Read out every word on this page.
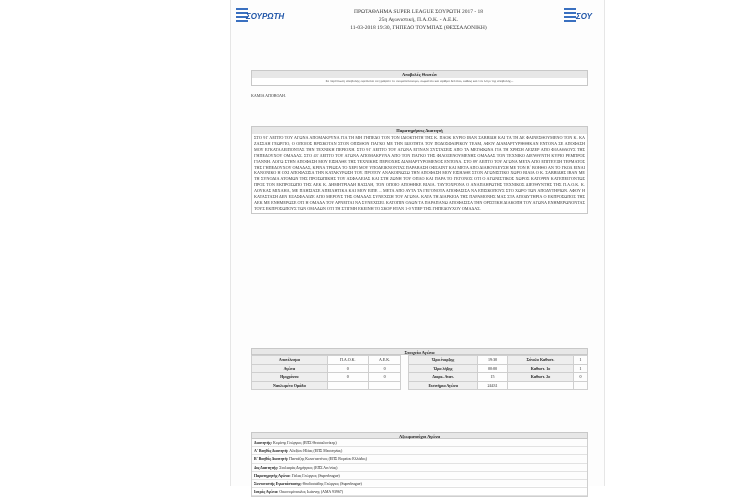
ΣΟΥΡΩΤΗ	ΠΡΩΤΑΘΛΗΜΑ SUPER LEAGUE ΣΟΥΡΩΤΗ 2017 - 18
25η Αγωνιστική, Π.Α.Ο.Κ. - Α.Ε.Κ.
11-03-2018 19:30, ΓΗΠΕΔΟ ΤΟΥΜΠΑΣ (ΘΕΣΣΑΛΟΝΙΚΗ)
ΣΟΥ
Αποβολές Θεατών
Σε περίπτωση αποβολής οφείλεται να γράψετε το ονοματεπώνυμο, σωματείο και αριθμό δελτίου, καθώς και τον λόγο της αποβολής...
ΚΑΜΙΑ ΑΠΟΒΟΛΗ.
Παρατηρήσεις Διαιτητή
ΣΤΟ 91' ΛΕΠΤΟ ΤΟΥ ΑΓΩΝΑ ΑΠΟΜΑΚΡΥΝΑ ΓΙΑ ΤΗ ΜΗ ΓΗΠΕΔΟ ΤΟΝ ΤΟΝ ΙΔΙΟΚΤΗΤΗ ΤΗΣ Κ. ΠΑΟΚ ΚΥΡΙΟ ΙΒΑΝ ΣΑΒΒΙΔΗ ΚΑΙ ΤΑ ΤΗ ΔΕ ΦΑΙΝΕΣΘΟΥΜΕΝΟ ΤΟΝ Κ. ΚΑ ΖΑΣΣΑΗ ΓΕΩΡΓΙΟ, Ο ΟΠΟΙΟΣ ΒΡΙΣΚΟΤΑΝ ΣΤΟΝ ΟΠΙΣΘΟΝ ΠΑΓΚΟ ΜΕ ΤΗΝ ΙΔΙΟΤΗΤΑ ΤΟΥ ΠΟΔΟΣΦΑΙΡΙΚΟΥ ΤΕΑΜ, ΑΦΟΥ ΔΙΑΜΑΡΤΥΡΗΘΗΚΑΝ ΕΝΤΟΝΑ ΣΕ ΑΠΟΦΑΣΗ ΜΟΥ ΕΓΚΑΤΑΛΕΙΠΟΝΤΑΣ ΤΗΝ ΤΕΧΝΙΚΗ ΠΕΡΙΟΧΗ. ΣΤΟ 91' ΛΕΠΤΟ ΤΟΥ ΑΓΩΝΑ ΕΓΙΝΑΝ ΣΥΣΤΑΣΕΙΣ ΑΠΟ ΤΑ ΜΕΓΑΦΩΝΑ ΓΙΑ ΤΗ ΧΡΗΣΗ ΛΕΙΖΕΡ ΑΠΟ ΦΙΛΑΘΛΟΥΣ ΤΗΣ ΓΗΠΕΔΟΥΧΟΥ ΟΜΑΔΑΣ. ΣΤΟ 43' ΛΕΠΤΟ ΤΟΥ ΑΓΩΝΑ ΑΠΟΜΑΚΡΥΝΑ ΑΠΟ ΤΟΝ ΠΑΓΚΟ ΤΗΣ ΦΙΛΟΞΕΝΟΥΜΕΝΗΣ ΟΜΑΔΑΣ ΤΟΝ ΤΕΧΝΙΚΟ ΔΙΕΥΘΥΝΤΗ ΚΥΡΙΟ ΡΕΜΠΡΟΣ ΓΙΑΝΝΗ. ΛΟΓΩ ΣΤΗΝ ΑΠΟΦΑΣΗ ΜΟΥ ΕΙΣΗΛΘΕ ΤΗΣ ΤΕΧΝΙΚΗΣ ΠΕΡΙΟΧΗΣ ΔΙΑΜΑΡΤΥΡΟΜΕΝΟΣ ΕΝΤΟΝΑ. ΣΤΟ 89' ΛΕΠΤΟ ΤΟΥ ΑΓΩΝΑ ΜΕΤΑ ΑΠΟ ΕΠΙΤΕΥΞΗ ΤΕΡΜΑΤΟΣ ΤΗΣ ΓΗΠΕΔΟΥΧΟΥ ΟΜΑΔΑΣ, ΚΡΙΝΑ ΤΡΙΩΣΑ ΤΟ ΧΕΡΙ ΜΟΥ ΥΠΟΔΕΙΚΝΟΝΤΑΣ ΠΑΡΑΒΑΣΗ ΟΦΣΑΙΝΤ ΚΑΙ ΜΕΤΑ ΑΠΟ ΔΙΑΒΟΥΛΕΥΣΗ ΜΕ ΤΟΝ Β΄ ΒΟΗΘΟ ΑΝ ΤΟ ΓΚΟΛ ΕΙΝΑΙ ΚΑΝΟΝΙΚΟ Η ΟΧΙ ΑΠΟΦΑΣΙΣΑ ΤΗΝ ΚΑΤΑΚΥΡΩΣΗ ΤΟΥ. ΠΡΟΤΟΥ ΑΝΑΚΟΙΝΩΣΩ ΤΗΝ ΑΠΟΦΑΣΗ ΜΟΥ ΕΙΣΗΛΘΕ ΣΤΟΝ ΑΓΩΝΙΣΤΙΚΟ ΧΩΡΟ ΒΙΑΙΑ Ο Κ. ΣΑΒΒΙΔΗΣ ΙΒΑΝ ΜΕ ΤΗ ΣΥΝΟΔΙΑ ΑΤΟΜΩΝ ΤΗΣ ΠΡΟΣΩΠΙΚΗΣ ΤΟΥ ΑΣΦΑΛΕΙΑΣ ΚΑΙ ΣΤΗ ΖΩΝΗ ΤΟΥ ΟΠΛΟ ΚΑΙ ΠΑΡΑ ΤΟ ΓΕΓΟΝΟΣ ΟΤΙ Ο ΑΓΩΝΙΣΤΙΚΟΣ ΧΩΡΟΣ ΚΑΤΟΨΙΝ ΚΑΤΕΠΕΙΓΟΝΤΩΣ ΠΡΟΣ ΤΟΝ ΕΚΠΡΟΣΩΠΟ ΤΗΣ ΑΕΚ Κ. ΔΗΜΗΤΡΙΑΔΗ ΒΑΣΙΛΗ, ΤΟΝ ΟΠΟΙΟ ΑΠΟΘΗΚΕ ΒΙΑΙΑ. ΤΑΥΤΟΧΡΟΝΑ Ο ΑΝΑΠΛΗΡΩΤΗΣ ΤΕΧΝΙΚΟΣ ΔΙΕΥΘΥΝΤΗΣ ΤΗΣ Π.Α.Ο.Κ. Κ. ΛΟΥΚΑΣ ΜΙΧΑΗΛ, ΜΕ ΠΛΗΣΙΑΣΕ ΑΠΕΙΛΗΤΙΚΑ ΚΑΙ ΜΟΥ ΕΙΠΕ ... ΜΕΤΑ ΑΠΟ ΑΥΤΑ ΤΑ ΓΕΓΟΝΟΤΑ ΑΠΟΦΑΣΙΣΑ ΝΑ ΕΠΙΣΚΟΠΟΥΣ ΣΤΟ ΧΩΡΟ ΤΩΝ ΑΠΟΔΥΤΗΡΙΩΝ. ΑΦΟΥ Η ΚΑΤΑΣΤΑΣΗ ΔΕΝ ΕΞΑΣΦΑΛΙΖΕ ΑΠΟ ΜΕΡΟΥΣ ΤΗΣ ΟΜΑΔΑΣ ΣΥΝΕΧΙΣΗ ΤΟΥ ΑΓΩΝΑ. ΚΑΤΑ ΤΗ ΔΙΑΡΚΕΙΑ ΤΗΣ ΠΑΡΑΜΟΝΗΣ ΜΑΣ ΣΤΑ ΑΠΟΔΥΤΗΡΙΑ Ο ΕΚΠΡΟΣΩΠΟΣ ΤΗΣ ΑΕΚ ΜΕ ΕΝΗΜΕΡΩΣΕ ΟΤΙ Η ΟΜΑΔΑ ΤΟΥ ΑΡΝΕΙΤΑΙ ΝΑ ΣΥΝΕΧΙΣΕΙ. ΚΑΤΟΠΙΝ ΟΛΩΝ ΤΑ ΠΑΡΑΠΑΝΩ ΑΠΟΦΑΣΙΣΑ ΤΗΝ ΟΡΙΣΤΙΚΗ ΔΙΑΚΟΠΗ ΤΟΥ ΑΓΩΝΑ ΕΝΗΜΕΡΩΝΟΝΤΑΣ ΤΟΥΣ ΕΚΠΡΟΣΩΠΟΥΣ ΤΩΝ ΟΜΑΔΩΝ ΟΤΙ ΤΗ ΣΤΙΓΜΗ ΕΚΕΙΝΗ ΤΟ ΣΚΟΡ ΗΤΑΝ 1-0 ΥΠΕΡ ΤΗΣ ΓΗΠΕΔΟΥΧΟΥ ΟΜΑΔΑΣ.
Στοιχεία Αγώνα
Αποτέλεσμα	Π.Α.Ο.Κ.	Α.Ε.Κ.		Ώρα έναρξης	19:30	Σύνολο Καθυστ.	1
Αγώνα	0	0		Ώρα λήξης	00:00	Καθυστ. 1ο	1
Ημιχρόνου	0	0		Διαρκ. Ανατ.	15	Καθυστ. 2ο	0
Ναυλωμένο Ομάδα				Εισιτήρια Αγώνα	24431		
Αξιωματούχοι Αγώνα
Διαιτητής: Κομίνης Γεώργιος (ΕΠΣ Θεσσαλονίκης)
Α' Βοηθός Διαιτητή: Αλεξίου Ηλίας (ΕΠΣ Μεσσηνίας)
Β' Βοηθός Διαιτητή: Παντάζης Κωνσταντίνος (ΕΠΣ Βορείου Ελλάδος)
4ος Διαιτητής: Στυλιαράς Δημήτριος (ΕΠΣ Αιτ/νίας)
Παρατηρητής Αγώνα: Γάλας Γεώργιος (Superleague)
Συντονιστής Εγκατάστασης: Θεοδοσιάδης Γεώργιος (Superleague)
Ιατρός Αγώνα: Οικονομόπουλος Ιωάννης (ΑΜΑ 93967)
